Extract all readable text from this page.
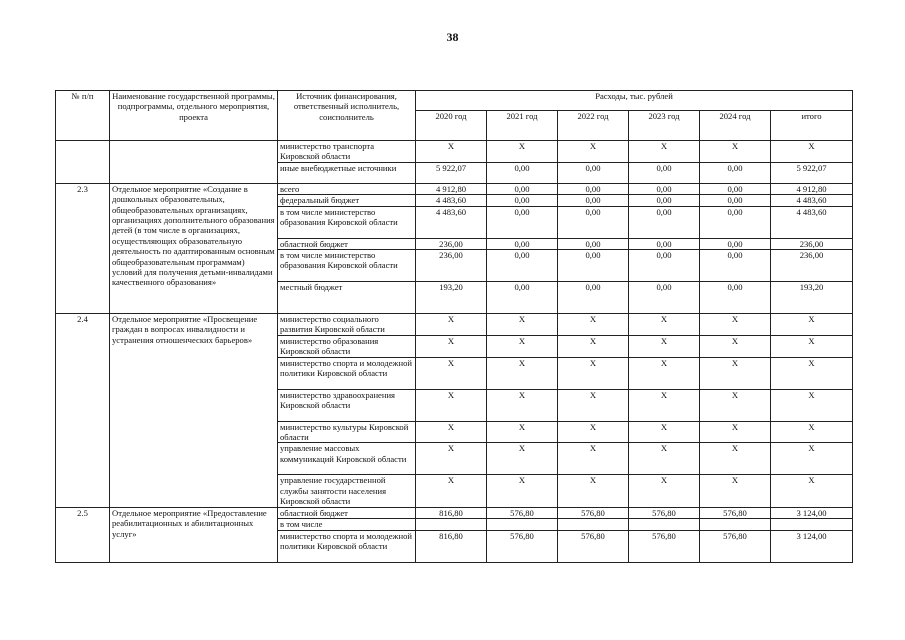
38
№ п/п	Наименование государственной программы, подпрограммы, отдельного мероприятия, проекта	Источник финансирования, ответственный исполнитель, соисполнитель	Расходы, тыс. рублей					
			2020 год	2021 год	2022 год	2023 год	2024 год	итого
		министерство транспорта Кировской области	X	X	X	X	X	X
		иные внебюджетные источники	5 922,07	0,00	0,00	0,00	0,00	5 922,07
2.3	Отдельное мероприятие «Создание в дошкольных образовательных, общеобразовательных организациях, организациях дополнительного образования детей (в том числе в организациях, осуществляющих образовательную деятельность по адаптированным основным общеобразовательным программам) условий для получения детьми-инвалидами качественного образования»	всего	4 912,80	0,00	0,00	0,00	0,00	4 912,80
		федеральный бюджет	4 483,60	0,00	0,00	0,00	0,00	4 483,60
		в том числе министерство образования Кировской области	4 483,60	0,00	0,00	0,00	0,00	4 483,60
		областной бюджет	236,00	0,00	0,00	0,00	0,00	236,00
		в том числе министерство образования Кировской области	236,00	0,00	0,00	0,00	0,00	236,00
		местный бюджет	193,20	0,00	0,00	0,00	0,00	193,20
2.4	Отдельное мероприятие «Просвещение граждан в вопросах инвалидности и устранения отношенческих барьеров»	министерство социального развития Кировской области	X	X	X	X	X	X
		министерство образования Кировской области	X	X	X	X	X	X
		министерство спорта и молодежной политики Кировской области	X	X	X	X	X	X
		министерство здравоохранения Кировской области	X	X	X	X	X	X
		министерство культуры Кировской области	X	X	X	X	X	X
		управление массовых коммуникаций Кировской области	X	X	X	X	X	X
		управление государственной службы занятости населения Кировской области	X	X	X	X	X	X
2.5	Отдельное мероприятие «Предоставление реабилитационных и абилитационных услуг»	областной бюджет	816,80	576,80	576,80	576,80	576,80	3 124,00
		в том числе						
		министерство спорта и молодежной политики Кировской области	816,80	576,80	576,80	576,80	576,80	3 124,00
